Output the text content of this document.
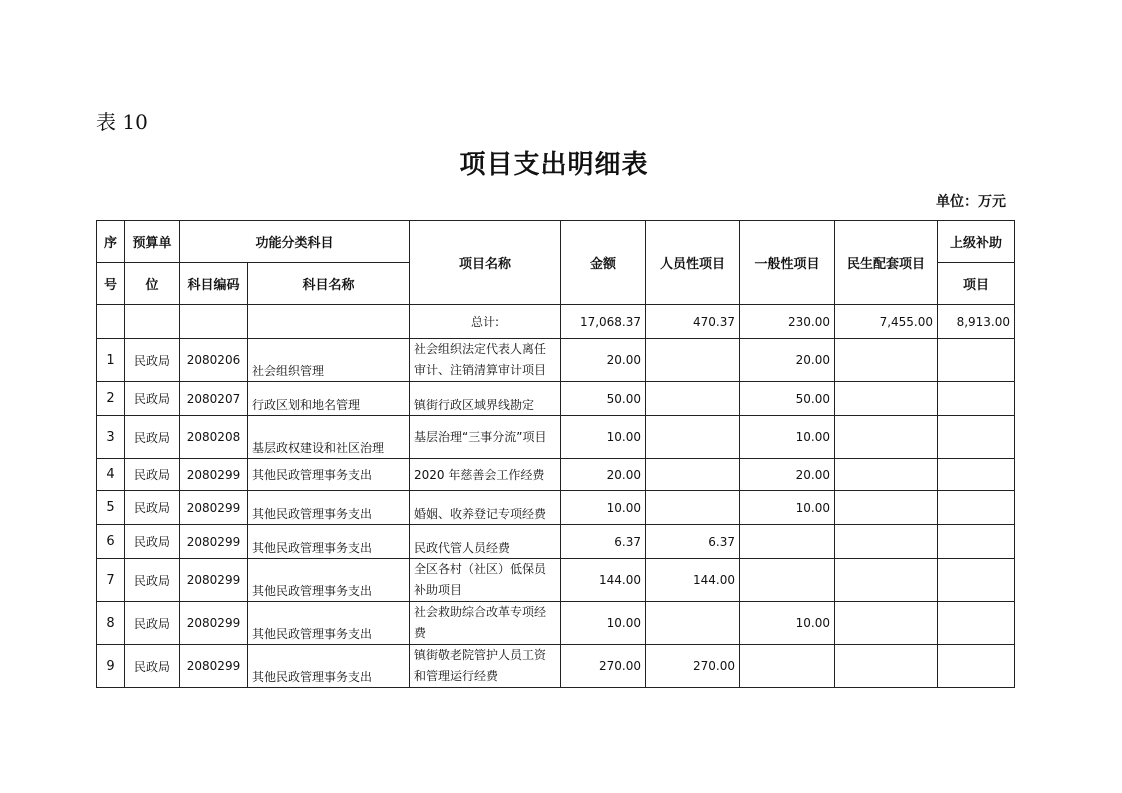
表 10
项目支出明细表
单位：万元
序	预算单	功能分类科目		项目名称	金额	人员性项目	一般性项目	民生配套项目	上级补助
号	位	科目编码	科目名称						项目
				总计:	17,068.37	470.37	230.00	7,455.00	8,913.00
1	民政局	2080206	社会组织管理	社会组织法定代表人离任审计、注销清算审计项目	20.00		20.00		
2	民政局	2080207	行政区划和地名管理	镇街行政区域界线勘定	50.00		50.00		
3	民政局	2080208	基层政权建设和社区治理	基层治理“三事分流”项目	10.00		10.00		
4	民政局	2080299	其他民政管理事务支出	2020 年慈善会工作经费	20.00		20.00		
5	民政局	2080299	其他民政管理事务支出	婚姻、收养登记专项经费	10.00		10.00		
6	民政局	2080299	其他民政管理事务支出	民政代管人员经费	6.37	6.37			
7	民政局	2080299	其他民政管理事务支出	全区各村（社区）低保员补助项目	144.00	144.00			
8	民政局	2080299	其他民政管理事务支出	社会救助综合改革专项经费	10.00		10.00		
9	民政局	2080299	其他民政管理事务支出	镇街敬老院管护人员工资和管理运行经费	270.00	270.00			
